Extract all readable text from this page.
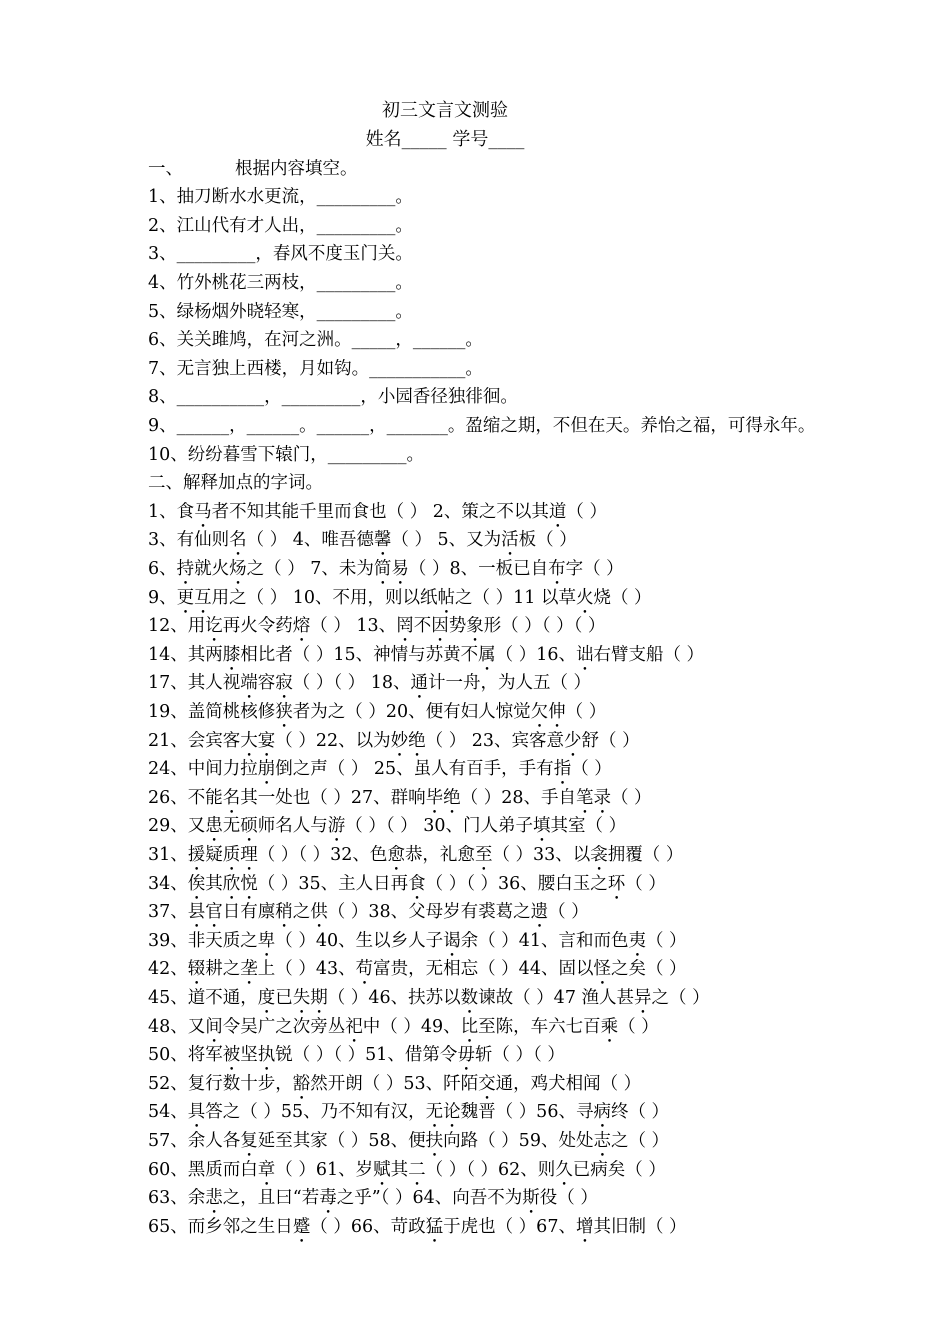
初三文言文测验
姓名_____ 学号____
一、	根据内容填空。
1、抽刀断水水更流，_________。
2、江山代有才人出，_________。
3、_________，春风不度玉门关。
4、竹外桃花三两枝，_________。
5、绿杨烟外晓轻寒，_________。
6、关关雎鸠，在河之洲。_____，______。
7、无言独上西楼，月如钩。___________。
8、__________，_________，小园香径独徘徊。
9、______，______。______，_______。盈缩之期，不但在天。养怡之福，可得永年。
10、纷纷暮雪下辕门，_________。
二、解释加点的字词。
1、食马者不知其能千里而食也（ ） 2、策之不以其道（ ）
3、有仙则名（ ） 4、唯吾德馨（ ） 5、又为活板（ ）
6、持就火炀之（ ） 7、未为简易（ ）8、一板已自布字（ ）
9、更互用之（ ） 10、不用，则以纸帖之（ ）11 以草火烧（ ）
12、用讫再火令药熔（ ） 13、罔不因势象形（ ）（ ）（ ）
14、其两膝相比者（ ）15、神情与苏黄不属（ ）16、诎右臂支船（ ）
17、其人视端容寂（ ）（ ） 18、通计一舟，为人五（ ）
19、盖简桃核修狭者为之（ ）20、便有妇人惊觉欠伸（ ）
21、会宾客大宴（ ）22、以为妙绝（ ） 23、宾客意少舒（ ）
24、中间力拉崩倒之声（ ） 25、虽人有百手，手有指（ ）
26、不能名其一处也（ ）27、群响毕绝（ ）28、手自笔录（ ）
29、又患无硕师名人与游（ ）（ ） 30、门人弟子填其室（ ）
31、援疑质理（ ）（ ）32、色愈恭，礼愈至（ ）33、以衾拥覆（ ）
34、俟其欣悦（ ）35、主人日再食（ ）（ ）36、腰白玉之环（ ）
37、县官日有廪稍之供（ ）38、父母岁有裘葛之遗（ ）
39、非天质之卑（ ）40、生以乡人子谒余（ ）41、言和而色夷（ ）
42、辍耕之垄上（ ）43、苟富贵，无相忘（ ）44、固以怪之矣（ ）
45、道不通，度已失期（ ）46、扶苏以数谏故（ ）47 渔人甚异之（ ）
48、又间令吴广之次旁丛祀中（ ）49、比至陈，车六七百乘（ ）
50、将军被坚执锐（ ）（ ）51、借第令毋斩（ ）（ ）
52、复行数十步，豁然开朗（ ）53、阡陌交通，鸡犬相闻（ ）
54、具答之（ ）55、乃不知有汉，无论魏晋（ ）56、寻病终（ ）
57、余人各复延至其家（ ）58、便扶向路（ ）59、处处志之（ ）
60、黑质而白章（ ）61、岁赋其二（ ）（ ）62、则久已病矣（ ）
63、余悲之，且曰“若毒之乎”（ ）64、向吾不为斯役（ ）
65、而乡邻之生日蹙（ ）66、苛政猛于虎也（ ）67、增其旧制（ ）
